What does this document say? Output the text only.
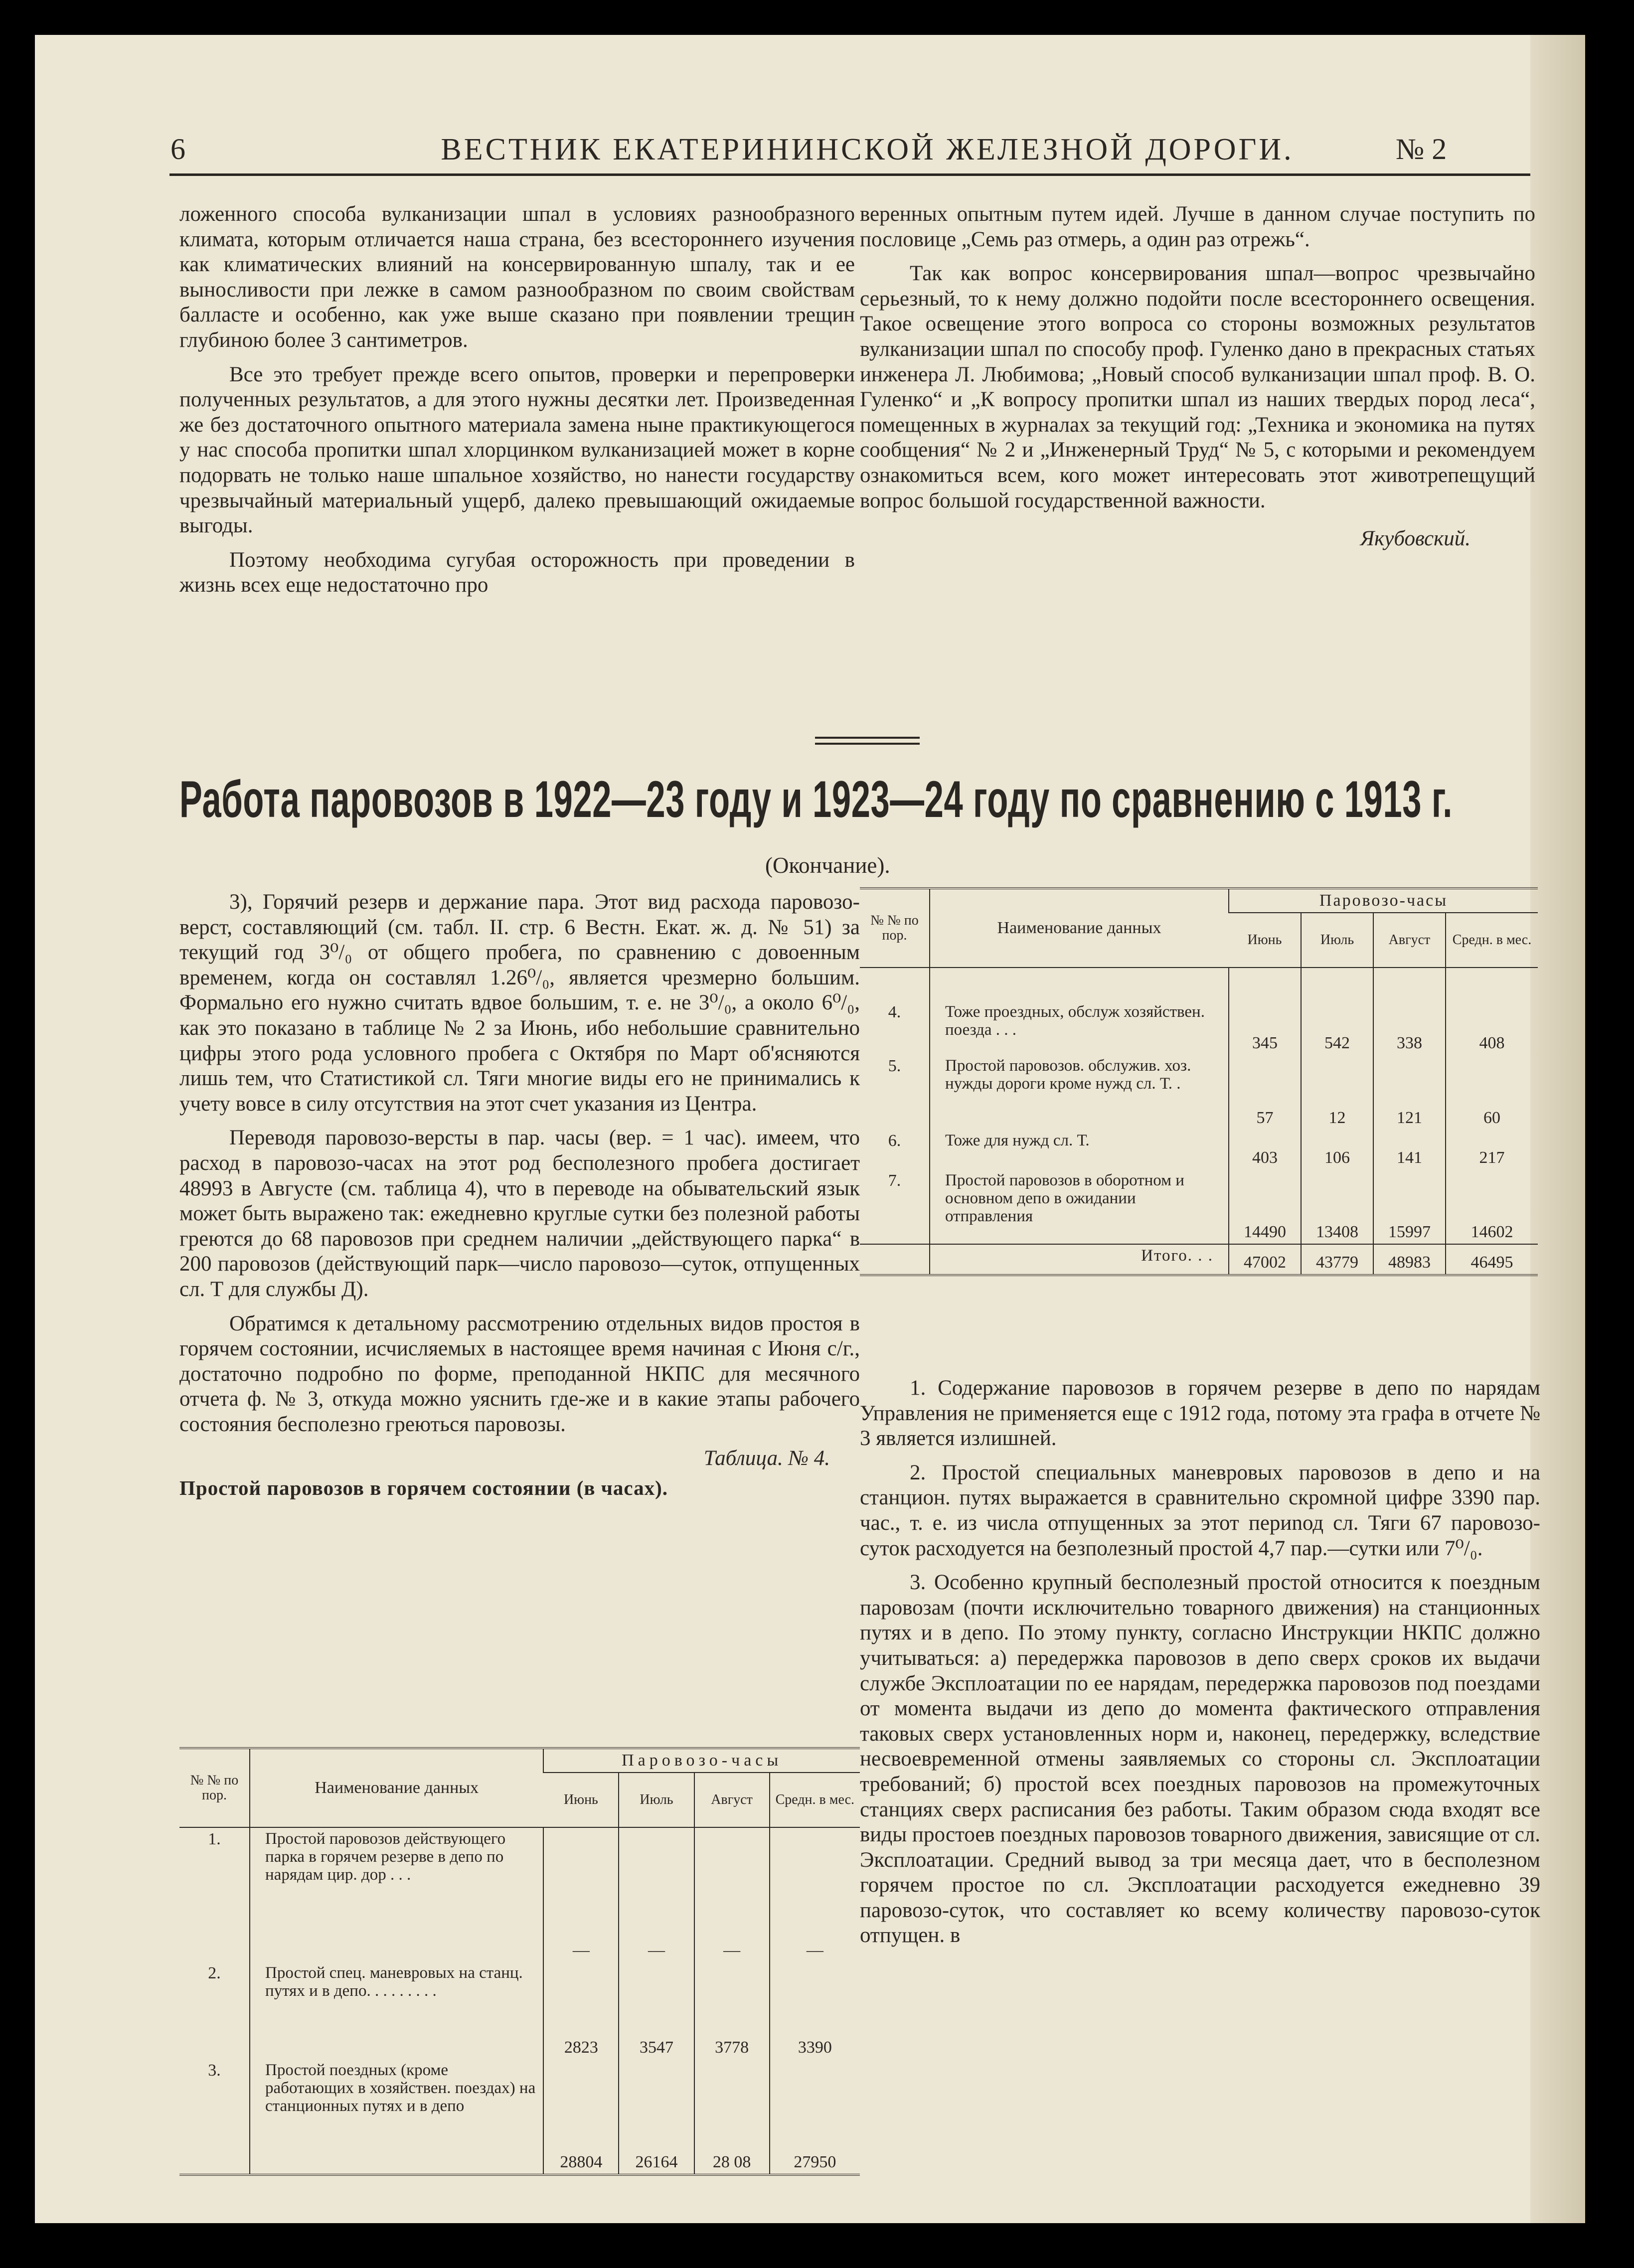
6	ВЕСТНИК ЕКАТЕРИНИНСКОЙ ЖЕЛЕЗНОЙ ДОРОГИ.	№ 2

ложенного способа вулканизации шпал в условиях разнообразного климата, которым отличается наша страна, без всестороннего изучения как климатических влияний на консервированную шпалу, так и ее выносливости при лежке в самом разнообразном по своим свойствам балласте и особенно, как уже выше сказано при появлении трещин глубиною более 3 сантиметров.

Все это требует прежде всего опытов, проверки и перепроверки полученных результатов, а для этого нужны десятки лет. Произведенная же без достаточного опытного материала замена ныне практикующегося у нас способа пропитки шпал хлорцинком вулканизацией может в корне подорвать не только наше шпальное хозяйство, но нанести государству чрезвычайный материальный ущерб, далеко превышающий ожидаемые выгоды.

Поэтому необходима сугубая осторожность при проведении в жизнь всех еще недостаточно про

веренных опытным путем идей. Лучше в данном случае поступить по пословице „Семь раз отмерь, а один раз отрежь“.

Так как вопрос консервирования шпал—вопрос чрезвычайно серьезный, то к нему должно подойти после всестороннего освещения. Такое освещение этого вопроса со стороны возможных результатов вулканизации шпал по способу проф. Гуленко дано в прекрасных статьях инженера Л. Любимова; „Новый способ вулканизации шпал проф. В. О. Гуленко“ и „К вопросу пропитки шпал из наших твердых пород леса“, помещенных в журналах за текущий год: „Техника и экономика на путях сообщения“ № 2 и „Инженерный Труд“ № 5, с которыми и рекомендуем ознакомиться всем, кого может интересовать этот животрепещущий вопрос большой государственной важности.

Якубовский.
Работа паровозов в 1922—23 году и 1923—24 году по сравнению с 1913 г.
(Окончание).

3), Горячий резерв и держание пара. Этот вид расхода паровозо-верст, составляющий (см. табл. II. стр. 6 Вестн. Екат. ж. д. № 51) за текущий год 3⁰/₀ от общего пробега, по сравнению с довоенным временем, когда он составлял 1.26⁰/₀, является чрезмерно большим. Формально его нужно считать вдвое большим, т. е. не 3⁰/₀, а около 6⁰/₀, как это показано в таблице № 2 за Июнь, ибо небольшие сравнительно цифры этого рода условного пробега с Октября по Март об'ясняются лишь тем, что Статистикой сл. Тяги многие виды его не принимались к учету вовсе в силу отсутствия на этот счет указания из Центра.

Переводя паровозо-версты в пар. часы (вер. = 1 час). имеем, что расход в паровозо-часах на этот род бесполезного пробега достигает 48993 в Августе (см. таблица 4), что в переводе на обывательский язык может быть выражено так: ежедневно круглые сутки без полезной работы греются до 68 паровозов при среднем наличии „действующего парка“ в 200 паровозов (действующий парк—число паровозо—суток, отпущенных сл. Т для службы Д).

Обратимся к детальному рассмотрению отдельных видов простоя в горячем состоянии, исчисляемых в настоящее время начиная с Июня с/г., достаточно подробно по форме, преподанной НКПС для месячного отчета ф. № 3, откуда можно уяснить где-же и в какие этапы рабочего состояния бесполезно греються паровозы.

Таблица. № 4.
Простой паровозов в горячем состоянии (в часах).
№ № по пор.	Наименование данных	Паровозо-часы			
		Июнь	Июль	Август	Средн. в мес.
1.	Простой паровозов действующего парка в горячем резерве в депо по нарядам цир. дор . . .	—	—	—	—
2.	Простой спец. маневровых на станц. путях и в депо. . . . . . . . .	2823	3547	3778	3390
3.	Простой поездных (кроме работающих в хозяйствен. поездах) на станционных путях и в депо	28804	26164	28 08	27950
№ № по пор.	Наименование данных	Паровозо-часы			
		Июнь	Июль	Август	Средн. в мес.
4.	Тоже проездных, обслуж хозяйствен. поезда . . .	345	542	338	408
5.	Простой паровозов. обслужив. хоз. нужды дороги кроме нужд сл. Т. .	57	12	121	60
6.	Тоже для нужд сл. Т.	403	106	141	217
7.	Простой паровозов в оборотном и основном депо в ожидании отправления	14490	13408	15997	14602
	Итого. . .	47002	43779	48983	46495

1. Содержание паровозов в горячем резерве в депо по нарядам Управления не применяется еще с 1912 года, потому эта графа в отчете № 3 является излишней.

2. Простой специальных маневровых паровозов в депо и на станцион. путях выражается в сравнительно скромной цифре 3390 пар. час., т. е. из числа отпущенных за этот периnод сл. Тяги 67 паровозо-суток расходуется на безполезный простой 4,7 пар.—сутки или 7⁰/₀.

3. Особенно крупный бесполезный простой относится к поездным паровозам (почти исключительно товарного движения) на станционных путях и в депо. По этому пункту, согласно Инструкции НКПС должно учитываться: а) передержка паровозов в депо сверх сроков их выдачи службе Эксплоатации по ее нарядам, передержка паровозов под поездами от момента выдачи из депо до момента фактического отправления таковых сверх установленных норм и, наконец, передержку, вследствие несвоевременной отмены заявляемых со стороны сл. Эксплоатации требований; б) простой всех поездных паровозов на промежуточных станциях сверх расписания без работы. Таким образом сюда входят все виды простоев поездных паровозов товарного движения, зависящие от сл. Эксплоатации. Средний вывод за три месяца дает, что в бесполезном горячем простое по сл. Эксплоатации расходуется ежедневно 39 паровозо-суток, что составляет ко всему количеству паровозо-суток отпущен. в
